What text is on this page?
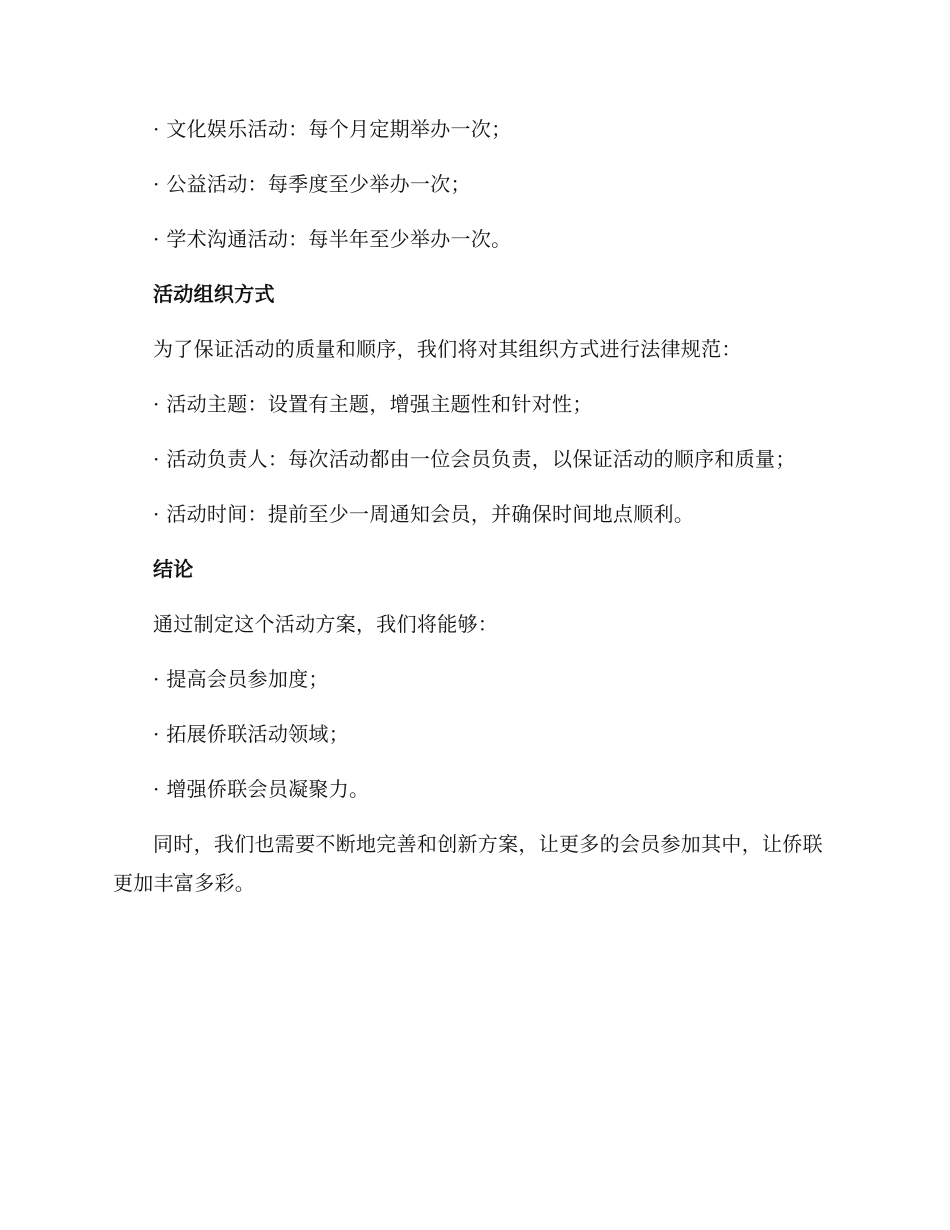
· 文化娱乐活动：每个月定期举办一次；

· 公益活动：每季度至少举办一次；

· 学术沟通活动：每半年至少举办一次。

活动组织方式

为了保证活动的质量和顺序，我们将对其组织方式进行法律规范：

· 活动主题：设置有主题，增强主题性和针对性；

· 活动负责人：每次活动都由一位会员负责，以保证活动的顺序和质量；

· 活动时间：提前至少一周通知会员，并确保时间地点顺利。

结论

通过制定这个活动方案，我们将能够：

· 提高会员参加度；

· 拓展侨联活动领域；

· 增强侨联会员凝聚力。

同时，我们也需要不断地完善和创新方案，让更多的会员参加其中，让侨联更加丰富多彩。
